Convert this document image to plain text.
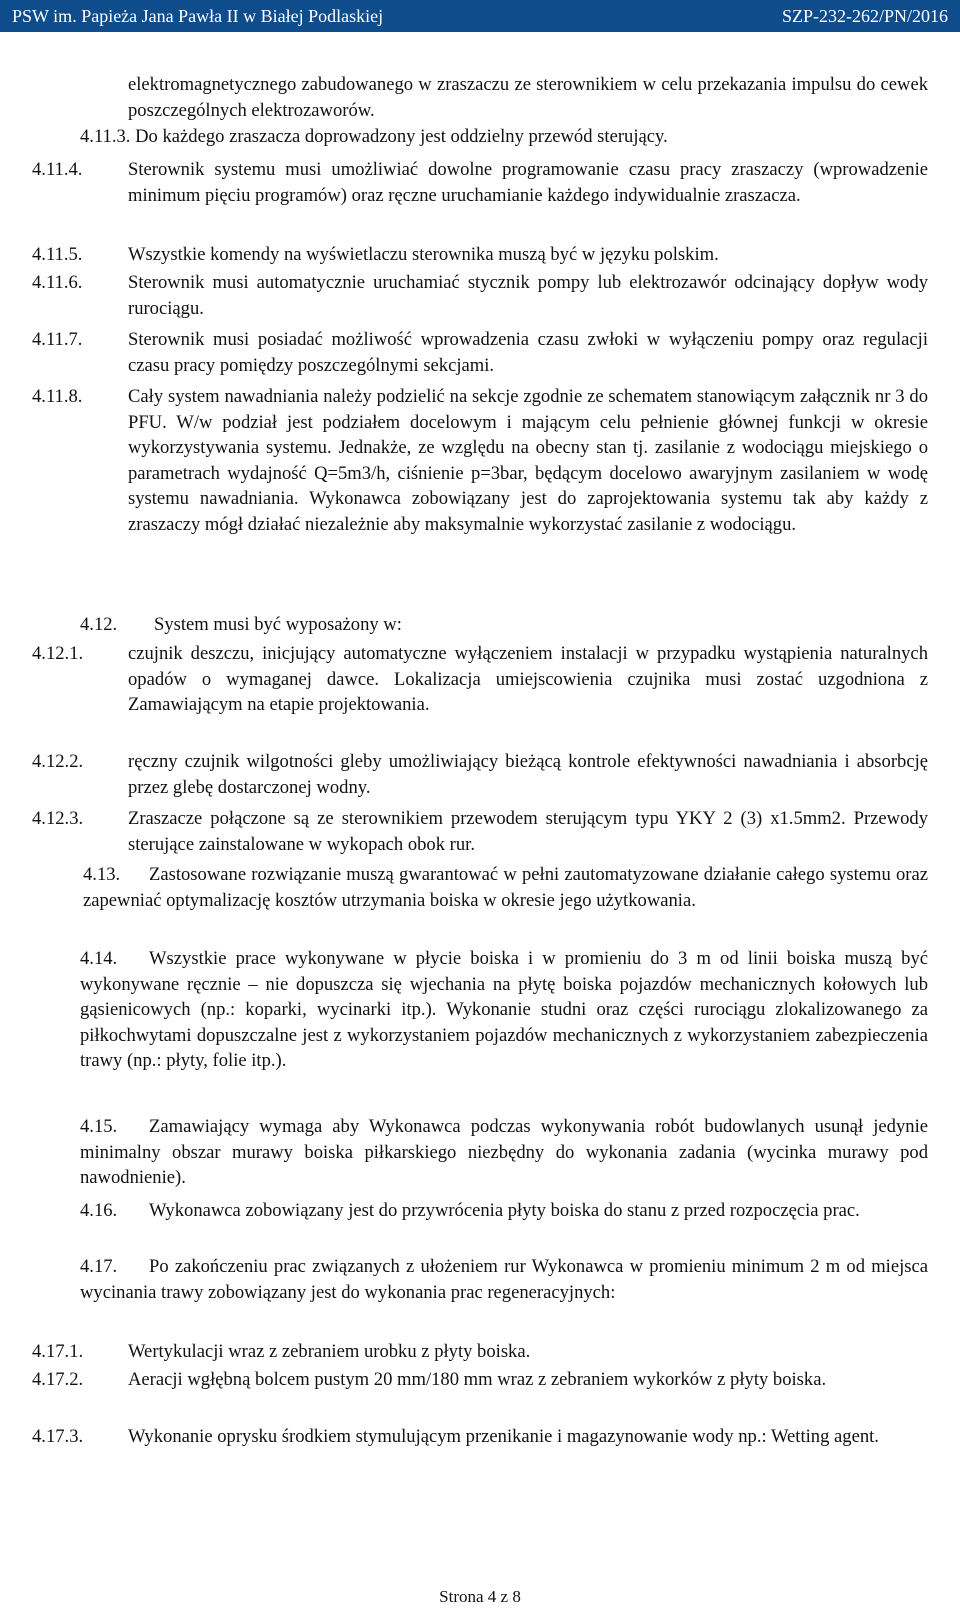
PSW im. Papieża Jana Pawła II w Białej Podlaskiej	SZP-232-262/PN/2016
elektromagnetycznego zabudowanego w zraszaczu ze sterownikiem w celu przekazania impulsu do cewek poszczególnych elektrozaworów.
4.11.3. Do każdego zraszacza doprowadzony jest oddzielny przewód sterujący.
4.11.4. Sterownik systemu musi umożliwiać dowolne programowanie czasu pracy zraszaczy (wprowadzenie minimum pięciu programów) oraz ręczne uruchamianie każdego indywidualnie zraszacza.
4.11.5. Wszystkie komendy na wyświetlaczu sterownika muszą być w języku polskim.
4.11.6. Sterownik musi automatycznie uruchamiać stycznik pompy lub elektrozawór odcinający dopływ wody rurociągu.
4.11.7. Sterownik musi posiadać możliwość wprowadzenia czasu zwłoki w wyłączeniu pompy oraz regulacji czasu pracy pomiędzy poszczególnymi sekcjami.
4.11.8. Cały system nawadniania należy podzielić na sekcje zgodnie ze schematem stanowiącym załącznik nr 3 do PFU. W/w podział jest podziałem docelowym i mającym celu pełnienie głównej funkcji w okresie wykorzystywania systemu. Jednakże, ze względu na obecny stan tj. zasilanie z wodociągu miejskiego o parametrach wydajność Q=5m3/h, ciśnienie p=3bar, będącym docelowo awaryjnym zasilaniem w wodę systemu nawadniania. Wykonawca zobowiązany jest do zaprojektowania systemu tak aby każdy z zraszaczy mógł działać niezależnie aby maksymalnie wykorzystać zasilanie z wodociągu.
4.12. System musi być wyposażony w:
4.12.1. czujnik deszczu, inicjujący automatyczne wyłączeniem instalacji w przypadku wystąpienia naturalnych opadów o wymaganej dawce. Lokalizacja umiejscowienia czujnika musi zostać uzgodniona z Zamawiającym na etapie projektowania.
4.12.2. ręczny czujnik wilgotności gleby umożliwiający bieżącą kontrole efektywności nawadniania i absorbcję przez glebę dostarczonej wodny.
4.12.3. Zraszacze połączone są ze sterownikiem przewodem sterującym typu YKY 2 (3) x1.5mm2. Przewody sterujące zainstalowane w wykopach obok rur.
4.13. Zastosowane rozwiązanie muszą gwarantować w pełni zautomatyzowane działanie całego systemu oraz zapewniać optymalizację kosztów utrzymania boiska w okresie jego użytkowania.
4.14. Wszystkie prace wykonywane w płycie boiska i w promieniu do 3 m od linii boiska muszą być wykonywane ręcznie – nie dopuszcza się wjechania na płytę boiska pojazdów mechanicznych kołowych lub gąsienicowych (np.: koparki, wycinarki itp.). Wykonanie studni oraz części rurociągu zlokalizowanego za piłkochwytami dopuszczalne jest z wykorzystaniem pojazdów mechanicznych z wykorzystaniem zabezpieczenia trawy (np.: płyty, folie itp.).
4.15. Zamawiający wymaga aby Wykonawca podczas wykonywania robót budowlanych usunął jedynie minimalny obszar murawy boiska piłkarskiego niezbędny do wykonania zadania (wycinka murawy pod nawodnienie).
4.16. Wykonawca zobowiązany jest do przywrócenia płyty boiska do stanu z przed rozpoczęcia prac.
4.17. Po zakończeniu prac związanych z ułożeniem rur Wykonawca w promieniu minimum 2 m od miejsca wycinania trawy zobowiązany jest do wykonania prac regeneracyjnych:
4.17.1. Wertykulacji wraz z zebraniem urobku z płyty boiska.
4.17.2. Aeracji wgłębną bolcem pustym 20 mm/180 mm wraz z zebraniem wykorków z płyty boiska.
4.17.3. Wykonanie oprysku środkiem stymulującym przenikanie i magazynowanie wody np.: Wetting agent.
Strona 4 z 8
